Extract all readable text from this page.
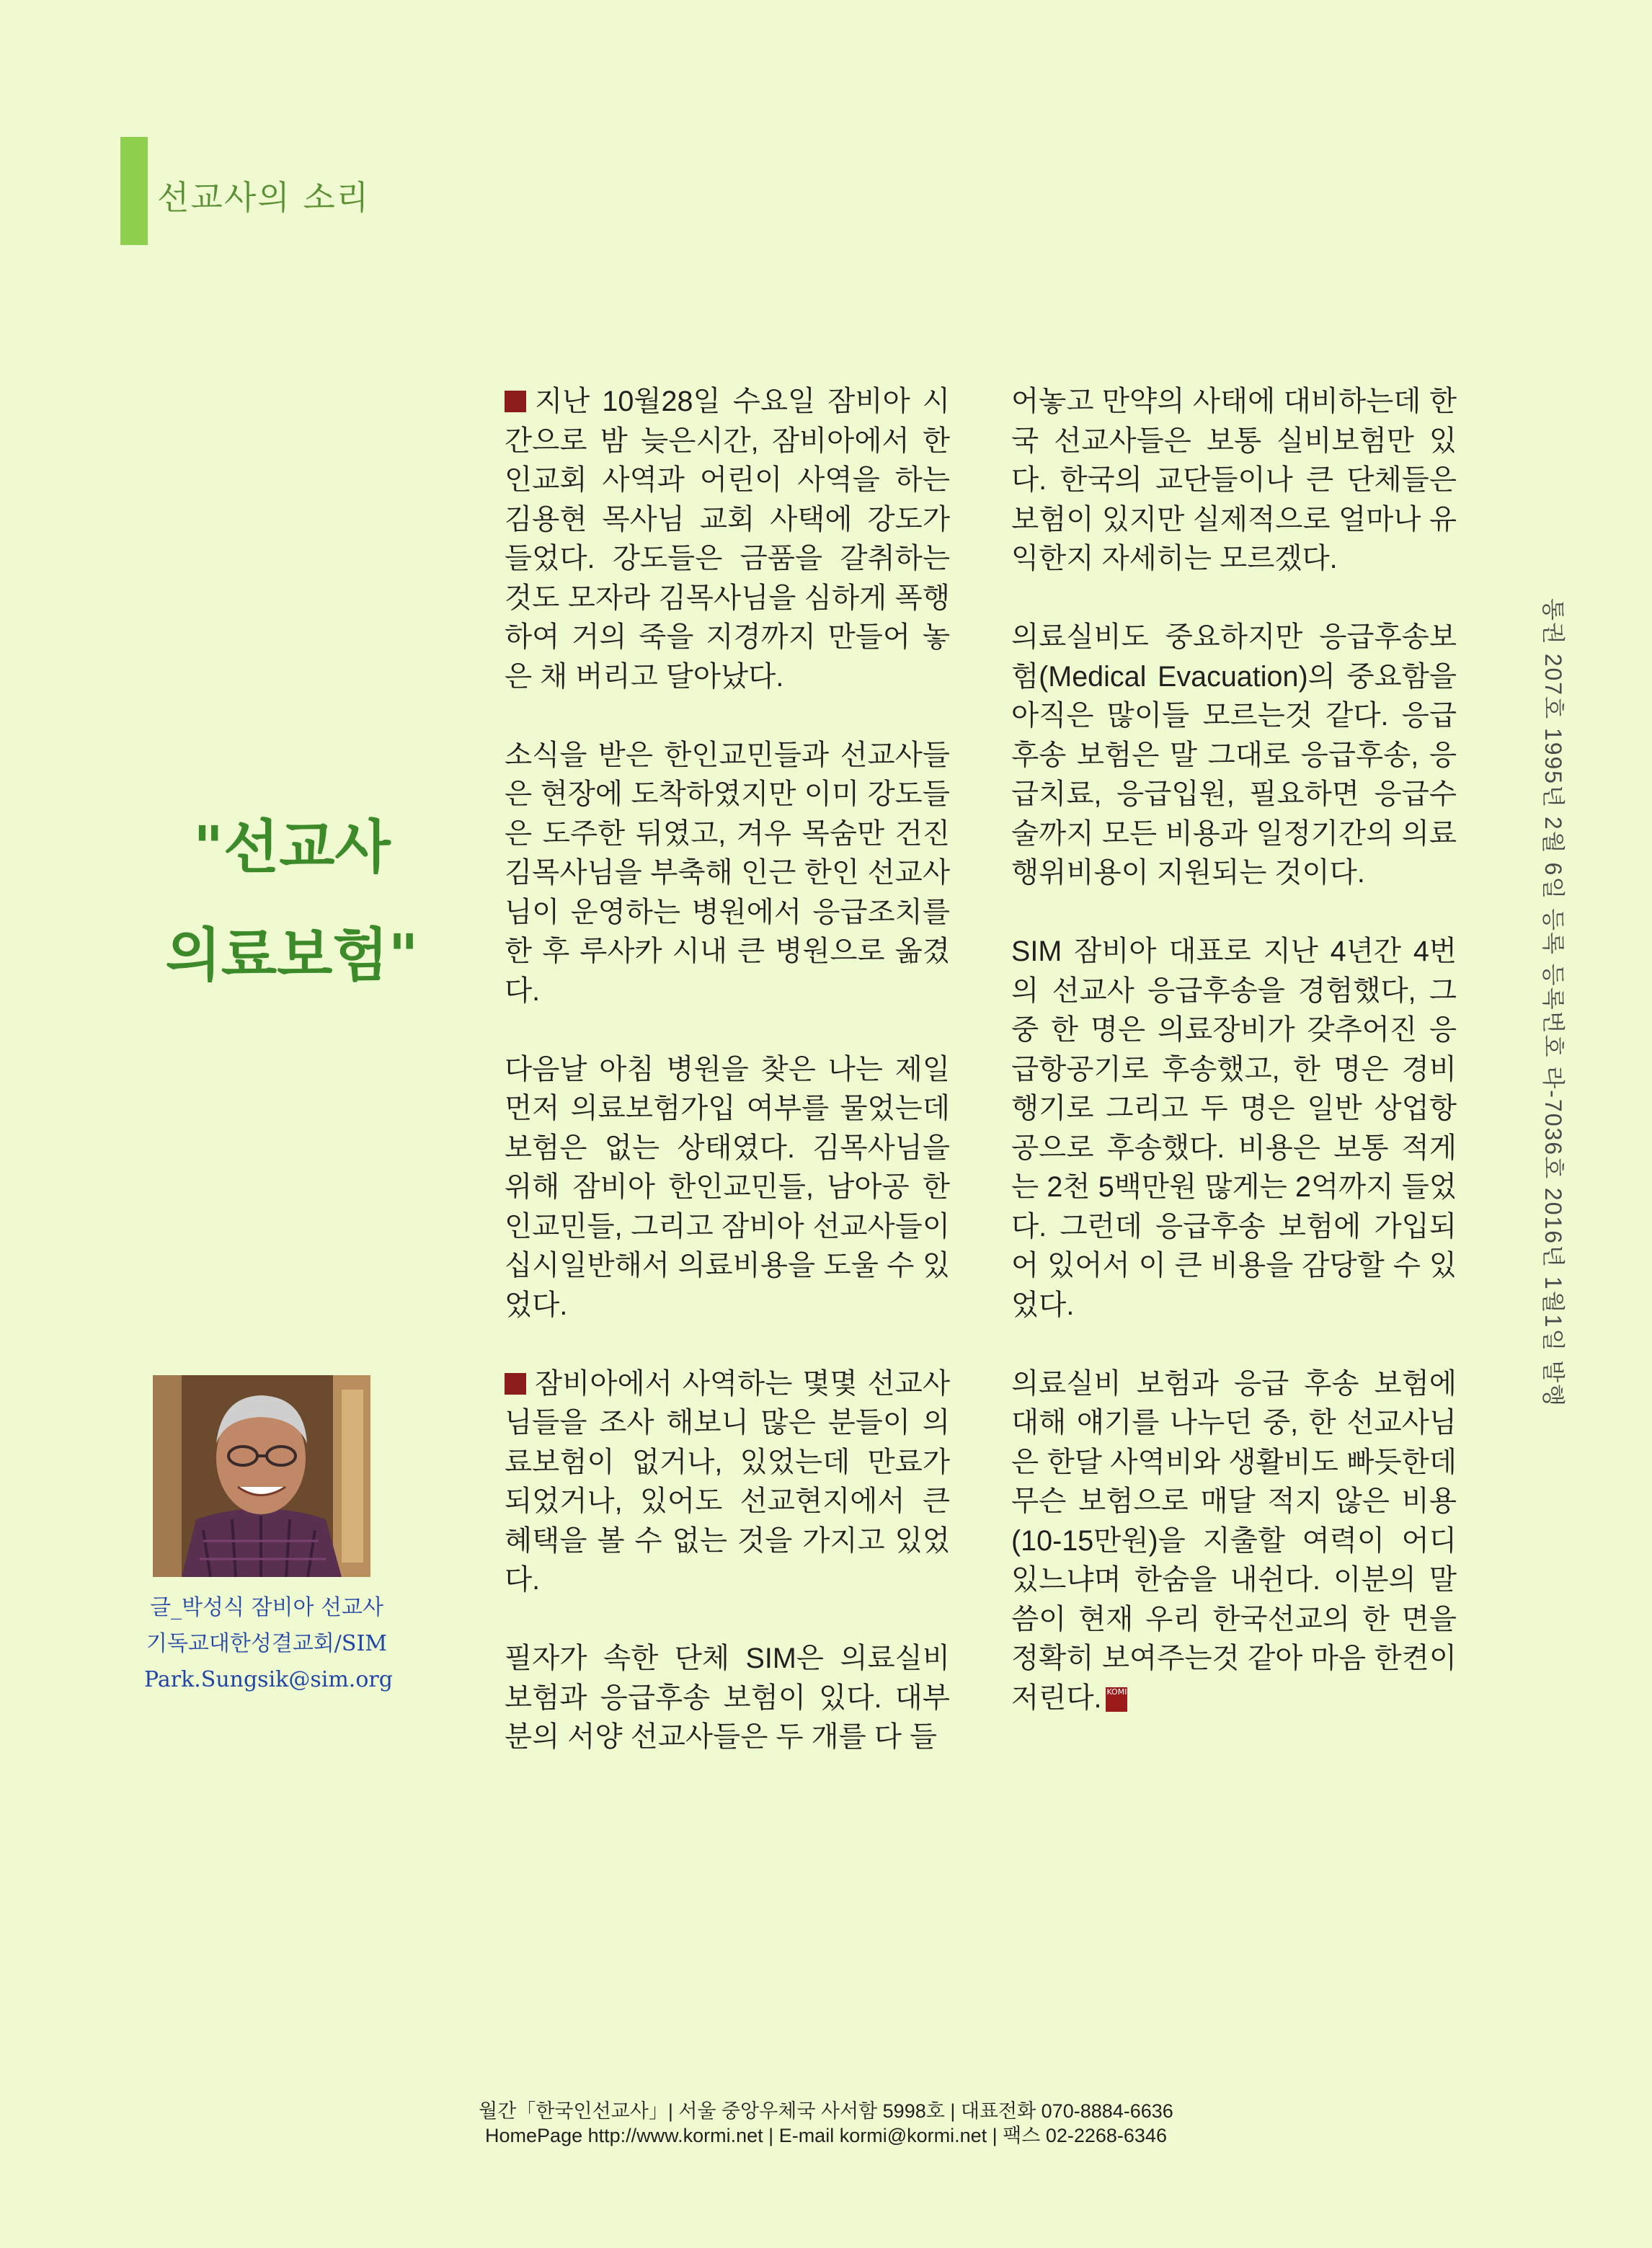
선교사의 소리
"선교사
의료보험"
글_박성식 잠비아 선교사
기독교대한성결교회/SIM
Park.Sungsik@sim.org

지난 10월28일 수요일 잠비아 시간으로 밤 늦은시간, 잠비아에서 한인교회 사역과 어린이 사역을 하는 김용현 목사님 교회 사택에 강도가 들었다. 강도들은 금품을 갈취하는 것도 모자라 김목사님을 심하게 폭행하여 거의 죽을 지경까지 만들어 놓은 채 버리고 달아났다.

소식을 받은 한인교민들과 선교사들은 현장에 도착하였지만 이미 강도들은 도주한 뒤였고, 겨우 목숨만 건진 김목사님을 부축해 인근 한인 선교사님이 운영하는 병원에서 응급조치를 한 후 루사카 시내 큰 병원으로 옮겼다.

다음날 아침 병원을 찾은 나는 제일 먼저 의료보험가입 여부를 물었는데 보험은 없는 상태였다. 김목사님을 위해 잠비아 한인교민들, 남아공 한인교민들, 그리고 잠비아 선교사들이 십시일반해서 의료비용을 도울 수 있었다.

잠비아에서 사역하는 몇몇 선교사님들을 조사 해보니 많은 분들이 의료보험이 없거나, 있었는데 만료가 되었거나, 있어도 선교현지에서 큰 혜택을 볼 수 없는 것을 가지고 있었다.

필자가 속한 단체 SIM은 의료실비 보험과 응급후송 보험이 있다. 대부분의 서양 선교사들은 두 개를 다 들

어놓고 만약의 사태에 대비하는데 한국 선교사들은 보통 실비보험만 있다. 한국의 교단들이나 큰 단체들은 보험이 있지만 실제적으로 얼마나 유익한지 자세히는 모르겠다.

의료실비도 중요하지만 응급후송보험(Medical Evacuation)의 중요함을 아직은 많이들 모르는것 같다. 응급후송 보험은 말 그대로 응급후송, 응급치료, 응급입원, 필요하면 응급수술까지 모든 비용과 일정기간의 의료행위비용이 지원되는 것이다.

SIM 잠비아 대표로 지난 4년간 4번의 선교사 응급후송을 경험했다, 그 중 한 명은 의료장비가 갖추어진 응급항공기로 후송했고, 한 명은 경비행기로 그리고 두 명은 일반 상업항공으로 후송했다. 비용은 보통 적게는 2천 5백만원 많게는 2억까지 들었다. 그런데 응급후송 보험에 가입되어 있어서 이 큰 비용을 감당할 수 있었다.

의료실비 보험과 응급 후송 보험에 대해 얘기를 나누던 중, 한 선교사님은 한달 사역비와 생활비도 빠듯한데 무슨 보험으로 매달 적지 않은 비용(10-15만원)을 지출할 여력이 어디 있느냐며 한숨을 내쉰다. 이분의 말씀이 현재 우리 한국선교의 한 면을 정확히 보여주는것 같아 마음 한켠이 저린다. KOMI

통권 207호 1995년 2월 6일 등록 등록번호 라-7036호 2016년 1월1일 발행
월간「한국인선교사」| 서울 중앙우체국 사서함 5998호 | 대표전화 070-8884-6636
HomePage http://www.kormi.net | E-mail kormi@kormi.net | 팩스 02-2268-6346
